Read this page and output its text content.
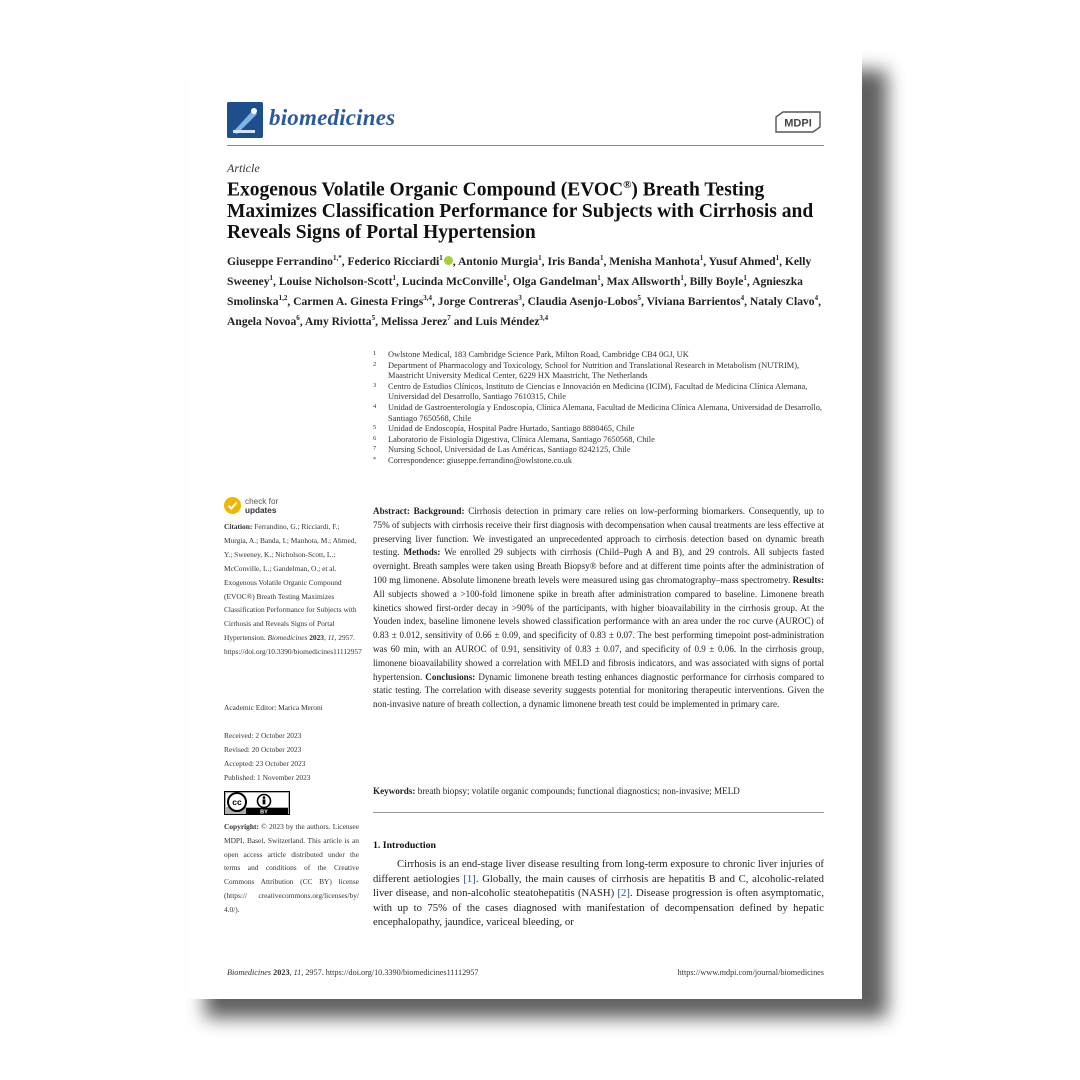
biomedicines	MDPI
Article
Exogenous Volatile Organic Compound (EVOC®) Breath Testing Maximizes Classification Performance for Subjects with Cirrhosis and Reveals Signs of Portal Hypertension

Giuseppe Ferrandino$^{1,*}$, Federico Ricciardi$^1$ , Antonio Murgia$^1$, Iris Banda$^1$, Menisha Manhota$^1$, Yusuf Ahmed$^1$, Kelly Sweeney$^1$, Louise Nicholson-Scott$^1$, Lucinda McConville$^1$, Olga Gandelman$^1$, Max Allsworth$^1$, Billy Boyle$^1$, Agnieszka Smolinska$^{1,2}$, Carmen A. Ginesta Frings$^{3,4}$, Jorge Contreras$^3$, Claudia Asenjo-Lobos$^5$, Viviana Barrientos$^4$, Nataly Clavo$^4$, Angela Novoa$^6$, Amy Riviotta$^5$, Melissa Jerez$^7$ and Luis Méndez$^{3,4}$

1 Owlstone Medical, 183 Cambridge Science Park, Milton Road, Cambridge CB4 0GJ, UK
2 Department of Pharmacology and Toxicology, School for Nutrition and Translational Research in Metabolism (NUTRIM), Maastricht University Medical Center, 6229 HX Maastricht, The Netherlands
3 Centro de Estudios Clínicos, Instituto de Ciencias e Innovación en Medicina (ICIM), Facultad de Medicina Clínica Alemana, Universidad del Desarrollo, Santiago 7610315, Chile
4 Unidad de Gastroenterología y Endoscopía, Clínica Alemana, Facultad de Medicina Clínica Alemana, Universidad de Desarrollo, Santiago 7650568, Chile
5 Unidad de Endoscopía, Hospital Padre Hurtado, Santiago 8880465, Chile
6 Laboratorio de Fisiología Digestiva, Clínica Alemana, Santiago 7650568, Chile
7 Nursing School, Universidad de Las Américas, Santiago 8242125, Chile
* Correspondence: giuseppe.ferrandino@owlstone.co.uk
check for
updates

Citation: Ferrandino, G.; Ricciardi, F.; Murgia, A.; Banda, I.; Manhota, M.; Ahmed, Y.; Sweeney, K.; Nicholson-Scott, L.; McConville, L.; Gandelman, O.; et al. Exogenous Volatile Organic Compound (EVOC®) Breath Testing Maximizes Classification Performance for Subjects with Cirrhosis and Reveals Signs of Portal Hypertension. Biomedicines 2023, 11, 2957. https://doi.org/10.3390/biomedicines11112957

Academic Editor: Marica Meroni
Received: 2 October 2023
Revised: 20 October 2023
Accepted: 23 October 2023
Published: 1 November 2023
cc
BY

Copyright: © 2023 by the authors. Licensee MDPI, Basel, Switzerland. This article is an open access article distributed under the terms and conditions of the Creative Commons Attribution (CC BY) license (https:// creativecommons.org/licenses/by/ 4.0/).

Abstract: Background: Cirrhosis detection in primary care relies on low-performing biomarkers. Consequently, up to 75% of subjects with cirrhosis receive their first diagnosis with decompensation when causal treatments are less effective at preserving liver function. We investigated an unprecedented approach to cirrhosis detection based on dynamic breath testing. Methods: We enrolled 29 subjects with cirrhosis (Child–Pugh A and B), and 29 controls. All subjects fasted overnight. Breath samples were taken using Breath Biopsy® before and at different time points after the administration of 100 mg limonene. Absolute limonene breath levels were measured using gas chromatography–mass spectrometry. Results: All subjects showed a >100-fold limonene spike in breath after administration compared to baseline. Limonene breath kinetics showed first-order decay in >90% of the participants, with higher bioavailability in the cirrhosis group. At the Youden index, baseline limonene levels showed classification performance with an area under the roc curve (AUROC) of 0.83 ± 0.012, sensitivity of 0.66 ± 0.09, and specificity of 0.83 ± 0.07. The best performing timepoint post-administration was 60 min, with an AUROC of 0.91, sensitivity of 0.83 ± 0.07, and specificity of 0.9 ± 0.06. In the cirrhosis group, limonene bioavailability showed a correlation with MELD and fibrosis indicators, and was associated with signs of portal hypertension. Conclusions: Dynamic limonene breath testing enhances diagnostic performance for cirrhosis compared to static testing. The correlation with disease severity suggests potential for monitoring therapeutic interventions. Given the non-invasive nature of breath collection, a dynamic limonene breath test could be implemented in primary care.

Keywords: breath biopsy; volatile organic compounds; functional diagnostics; non-invasive; MELD

1. Introduction

Cirrhosis is an end-stage liver disease resulting from long-term exposure to chronic liver injuries of different aetiologies [1]. Globally, the main causes of cirrhosis are hepatitis B and C, alcoholic-related liver disease, and non-alcoholic steatohepatitis (NASH) [2]. Disease progression is often asymptomatic, with up to 75% of the cases diagnosed with manifestation of decompensation defined by hepatic encephalopathy, jaundice, variceal bleeding, or

Biomedicines 2023, 11, 2957. https://doi.org/10.3390/biomedicines11112957	https://www.mdpi.com/journal/biomedicines
